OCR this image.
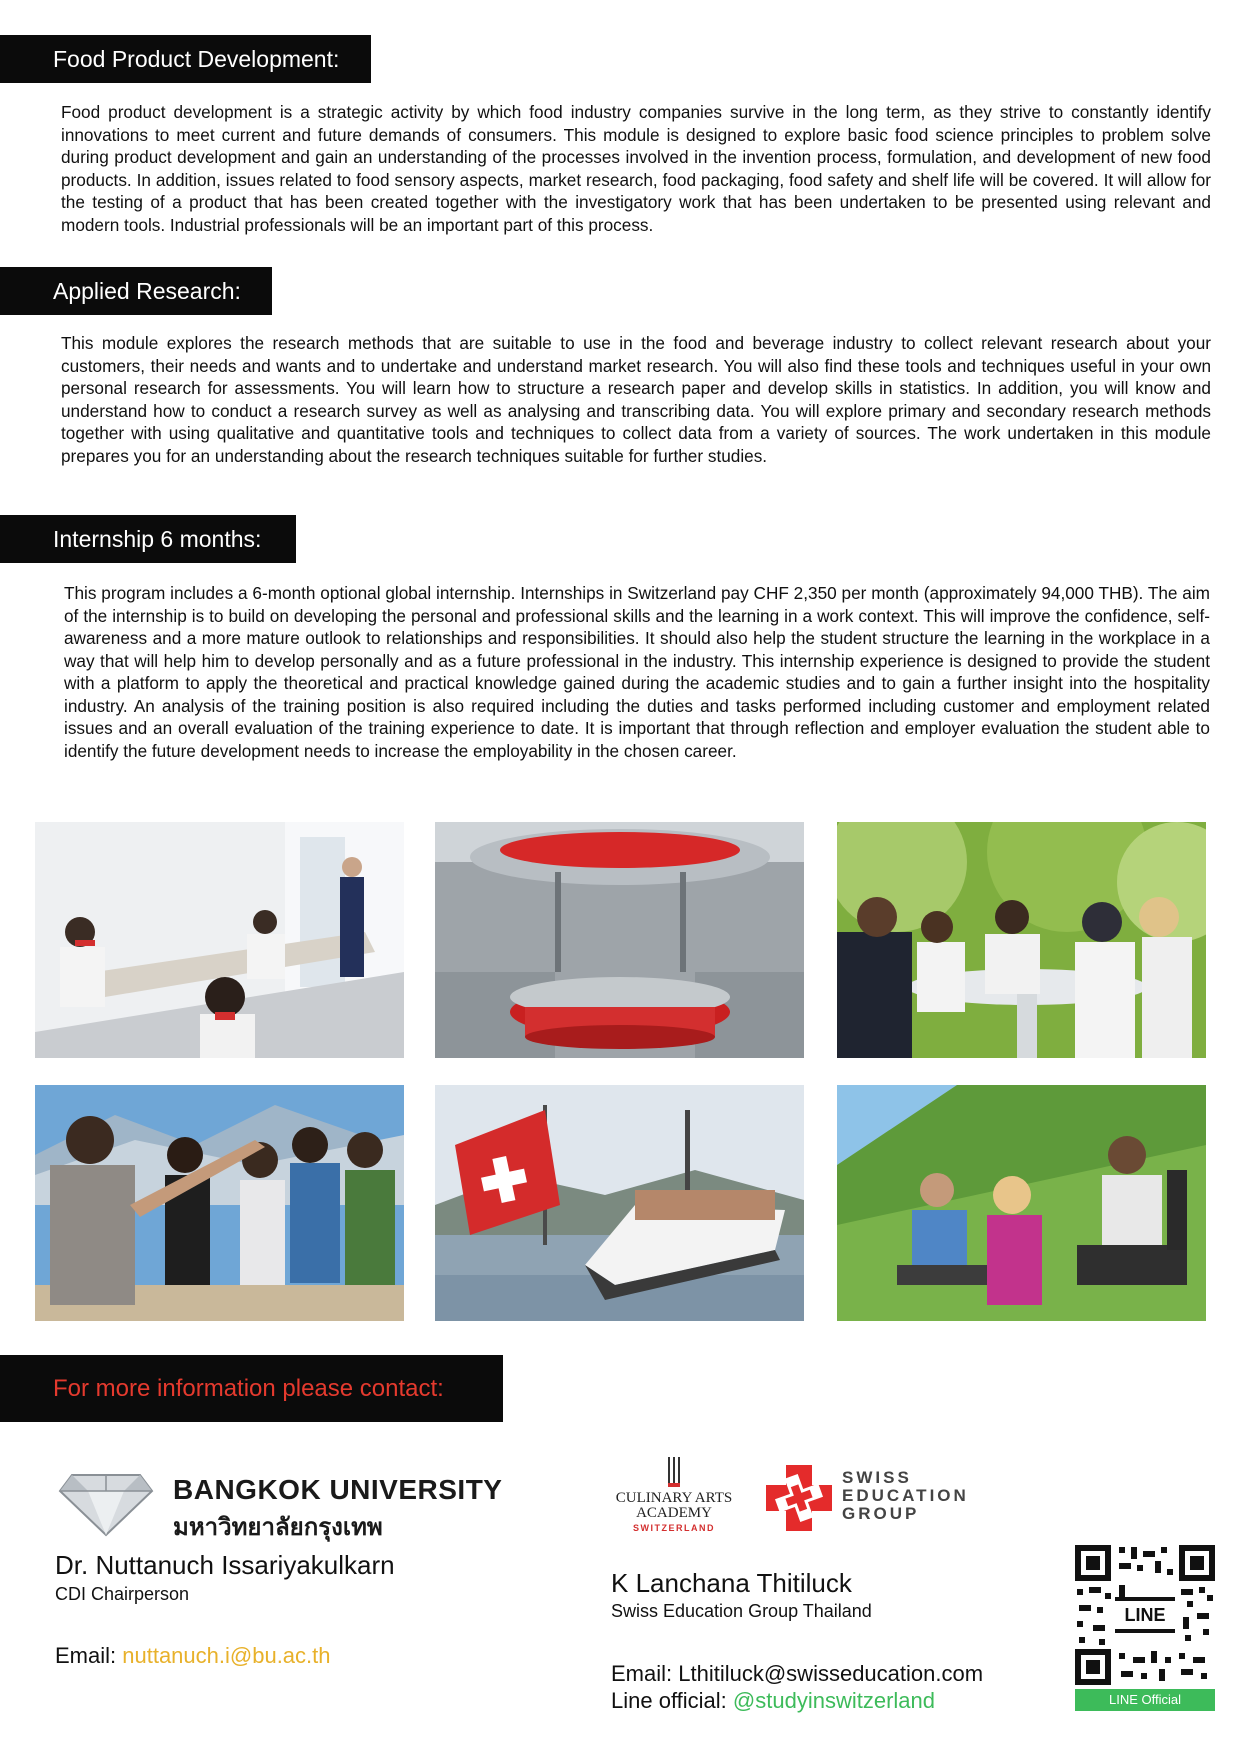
Food Product Development:

Food product development is a strategic activity by which food industry companies survive in the long term, as they strive to constantly identify innovations to meet current and future demands of consumers. This module is designed to explore basic food science principles to problem solve during product development and gain an understanding of the processes involved in the invention process, formulation, and development of new food products. In addition, issues related to food sensory aspects, market research, food packaging, food safety and shelf life will be covered. It will allow for the testing of a product that has been created together with the investigatory work that has been undertaken to be presented using relevant and modern tools. Industrial professionals will be an important part of this process.

Applied Research:

This module explores the research methods that are suitable to use in the food and beverage industry to collect relevant research about your customers, their needs and wants and to undertake and understand market research. You will also find these tools and techniques useful in your own personal research for assessments. You will learn how to structure a research paper and develop skills in statistics. In addition, you will know and understand how to conduct a research survey as well as analysing and transcribing data. You will explore primary and secondary research methods together with using qualitative and quantitative tools and techniques to collect data from a variety of sources. The work undertaken in this module prepares you for an understanding about the research techniques suitable for further studies.

Internship 6 months:

This program includes a 6-month optional global internship. Internships in Switzerland pay CHF 2,350 per month (approximately 94,000 THB). The aim of the internship is to build on developing the personal and professional skills and the learning in a work context. This will improve the confidence, self-awareness and a more mature outlook to relationships and responsibilities. It should also help the student structure the learning in the workplace in a way that will help him to develop personally and as a future professional in the industry. This internship experience is designed to provide the student with a platform to apply the theoretical and practical knowledge gained during the academic studies and to gain a further insight into the hospitality industry. An analysis of the training position is also required including the duties and tasks performed including customer and employment related issues and an overall evaluation of the training experience to date. It is important that through reflection and employer evaluation the student able to identify the future development needs to increase the employability in the chosen career.

For more information please contact:
BANGKOK UNIVERSITY
มหาวิทยาลัยกรุงเทพ
Dr. Nuttanuch Issariyakulkarn
CDI Chairperson
Email: nuttanuch.i@bu.ac.th
CULINARY ARTS
ACADEMY
SWITZERLAND
SWISS
EDUCATION
GROUP
K Lanchana Thitiluck
Swiss Education Group Thailand
Email: Lthitiluck@swisseducation.com
Line official: @studyinswitzerland
LINE
LINE Official
